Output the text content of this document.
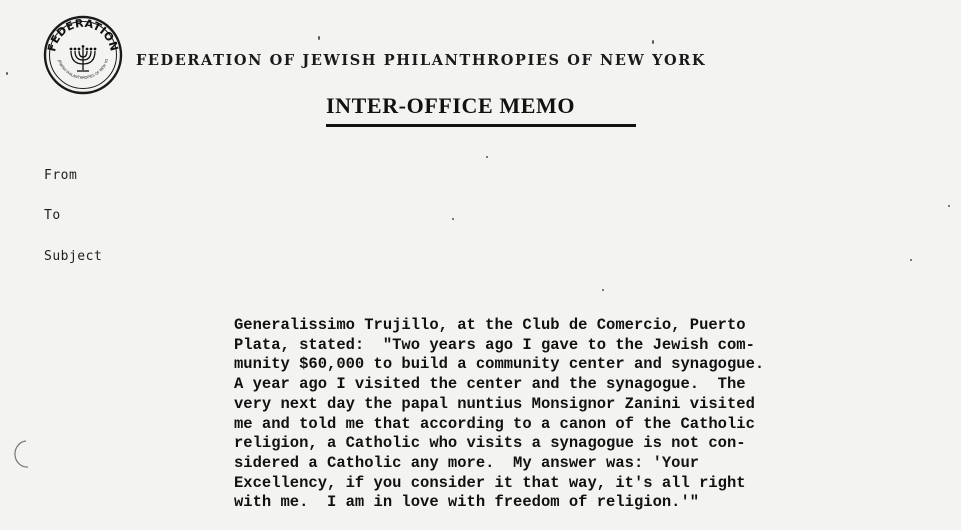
FEDERATION
JEWISH PHILANTHROPIES OF NEW YO FEDERATION OF JEWISH PHILANTHROPIES OF NEW YORK
INTER-OFFICE MEMO
From
To
Subject
Generalissimo Trujillo, at the Club de Comercio, Puerto
Plata, stated:  "Two years ago I gave to the Jewish com-
munity $60,000 to build a community center and synagogue.
A year ago I visited the center and the synagogue.  The
very next day the papal nuntius Monsignor Zanini visited
me and told me that according to a canon of the Catholic
religion, a Catholic who visits a synagogue is not con-
sidered a Catholic any more.  My answer was: 'Your
Excellency, if you consider it that way, it's all right
with me.  I am in love with freedom of religion.'"
